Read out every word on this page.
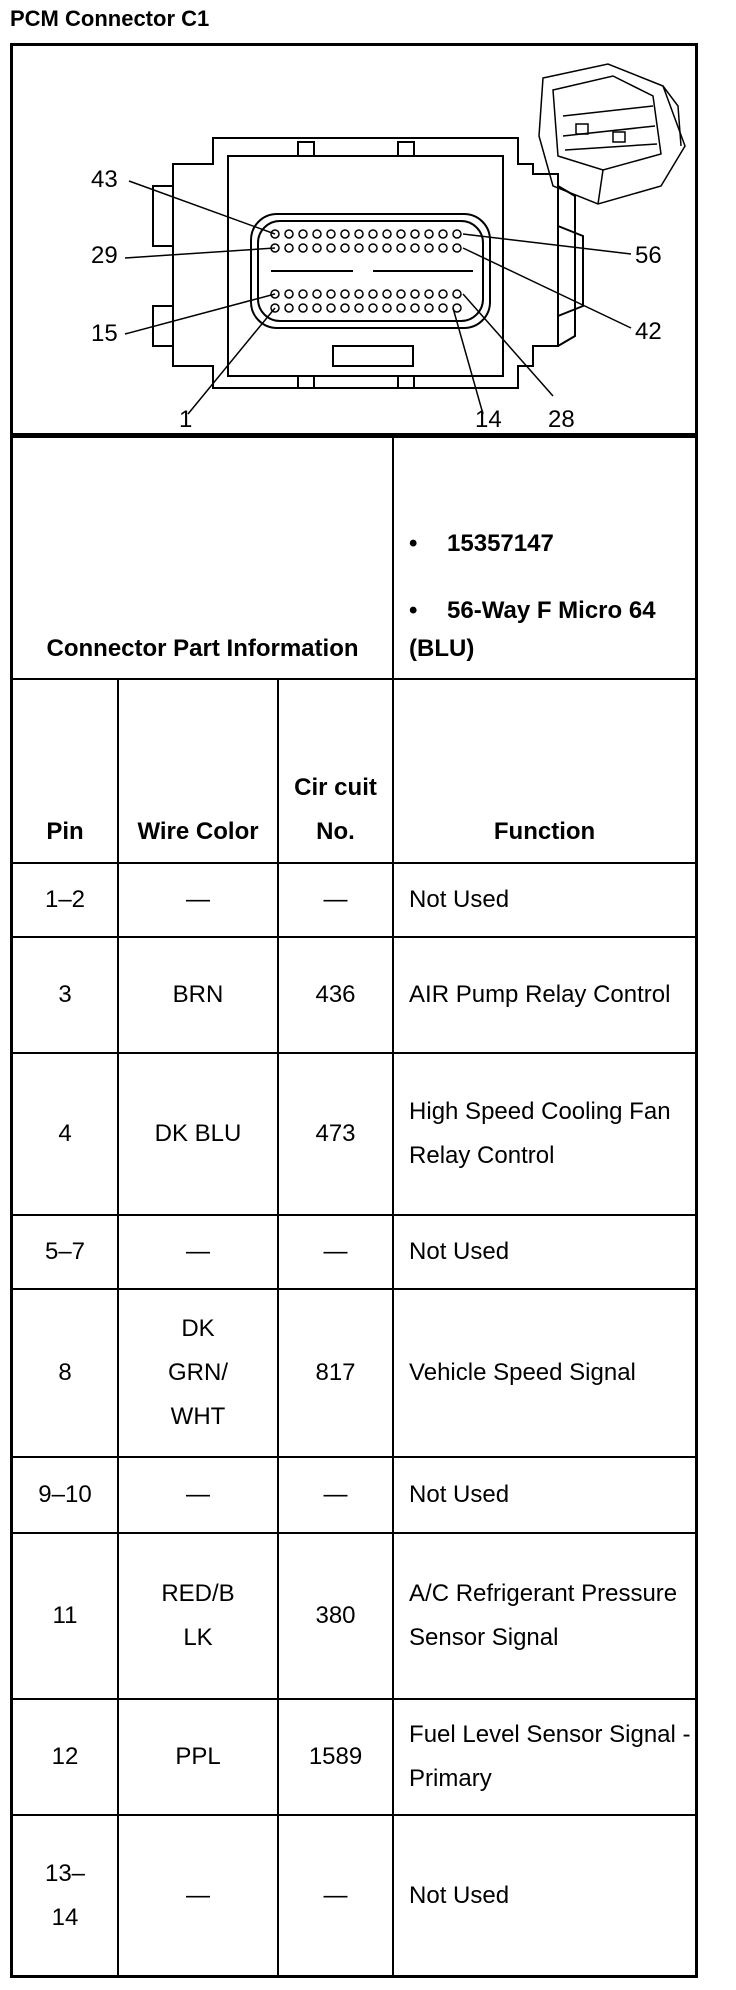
PCM Connector C1
43
29
15
1	14 28
42
56
Connector Part Information			• 15357147
• 56-Way F Micro 64 (BLU)

Pin	Wire Color	Cir cuit No.	Function
1–2	—	—	Not Used
3	BRN	436	AIR Pump Relay Control
4	DK BLU	473	High Speed Cooling Fan Relay Control
5–7	—	—	Not Used
8	DK GRN/ WHT	817	Vehicle Speed Signal
9–10	—	—	Not Used
11	RED/B LK	380	A/C Refrigerant Pressure Sensor Signal
12	PPL	1589	Fuel Level Sensor Signal - Primary
13– 14	—	—	Not Used
